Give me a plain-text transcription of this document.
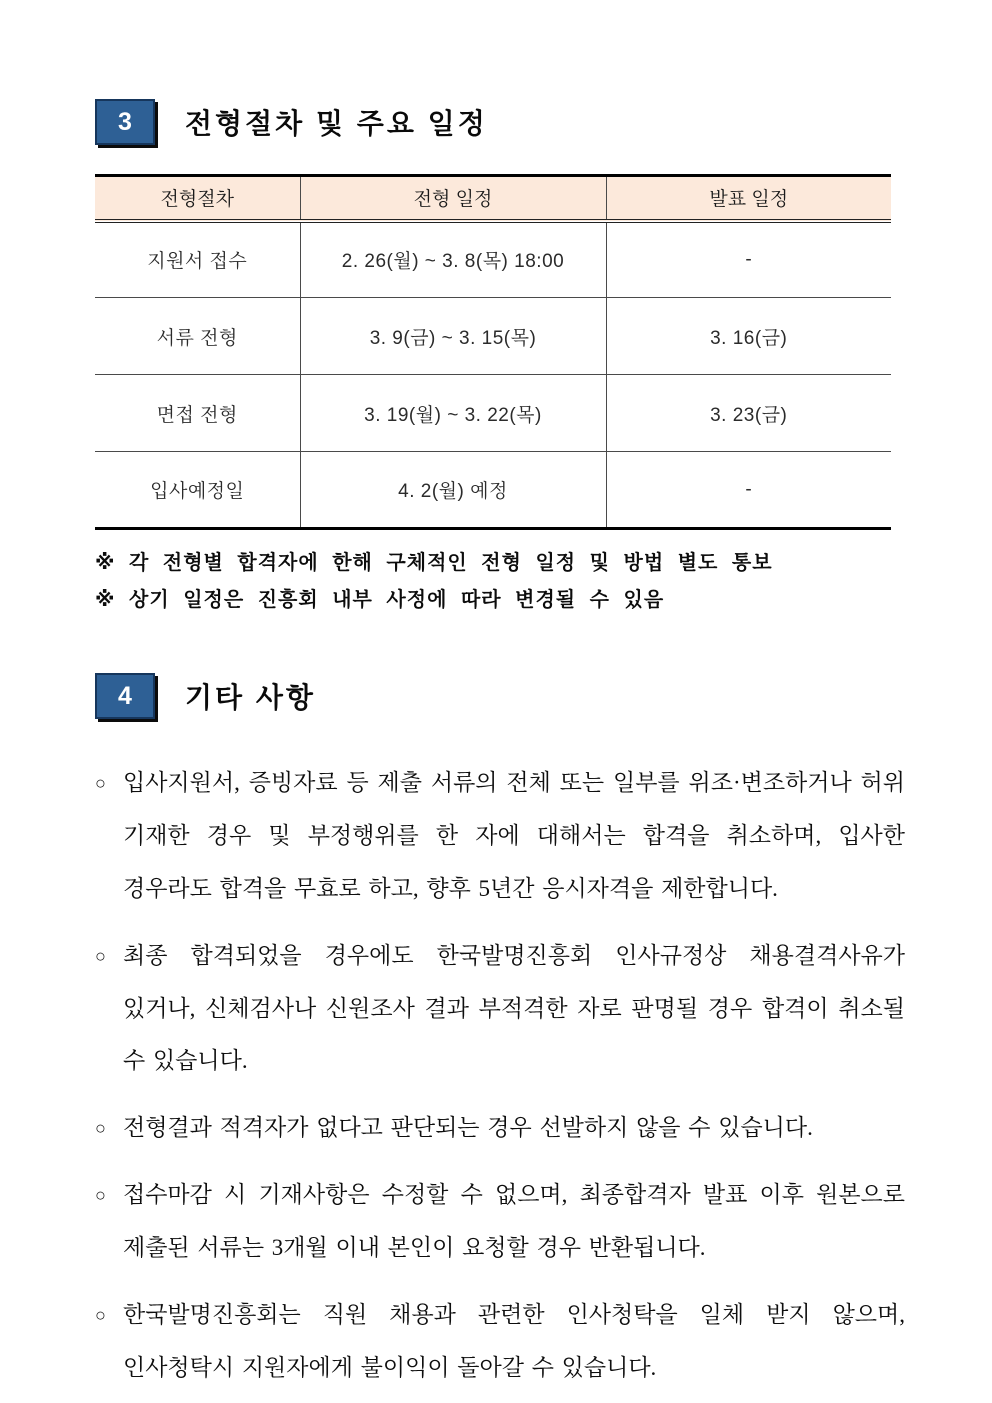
3 전형절차 및 주요 일정
전형절차	전형 일정	발표 일정
지원서 접수	2. 26(월) ~ 3. 8(목) 18:00	-
서류 전형	3. 9(금) ~ 3. 15(목)	3. 16(금)
면접 전형	3. 19(월) ~ 3. 22(목)	3. 23(금)
입사예정일	4. 2(월) 예정	-
※ 각 전형별 합격자에 한해 구체적인 전형 일정 및 방법 별도 통보
※ 상기 일정은 진흥회 내부 사정에 따라 변경될 수 있음
4 기타 사항
○ 입사지원서, 증빙자료 등 제출 서류의 전체 또는 일부를 위조·변조하거나 허위 기재한 경우 및 부정행위를 한 자에 대해서는 합격을 취소하며, 입사한 경우라도 합격을 무효로 하고, 향후 5년간 응시자격을 제한합니다.
○ 최종 합격되었을 경우에도 한국발명진흥회 인사규정상 채용결격사유가 있거나, 신체검사나 신원조사 결과 부적격한 자로 판명될 경우 합격이 취소될 수 있습니다.
○ 전형결과 적격자가 없다고 판단되는 경우 선발하지 않을 수 있습니다.
○ 접수마감 시 기재사항은 수정할 수 없으며, 최종합격자 발표 이후 원본으로 제출된 서류는 3개월 이내 본인이 요청할 경우 반환됩니다.
○ 한국발명진흥회는 직원 채용과 관련한 인사청탁을 일체 받지 않으며, 인사청탁시 지원자에게 불이익이 돌아갈 수 있습니다.
